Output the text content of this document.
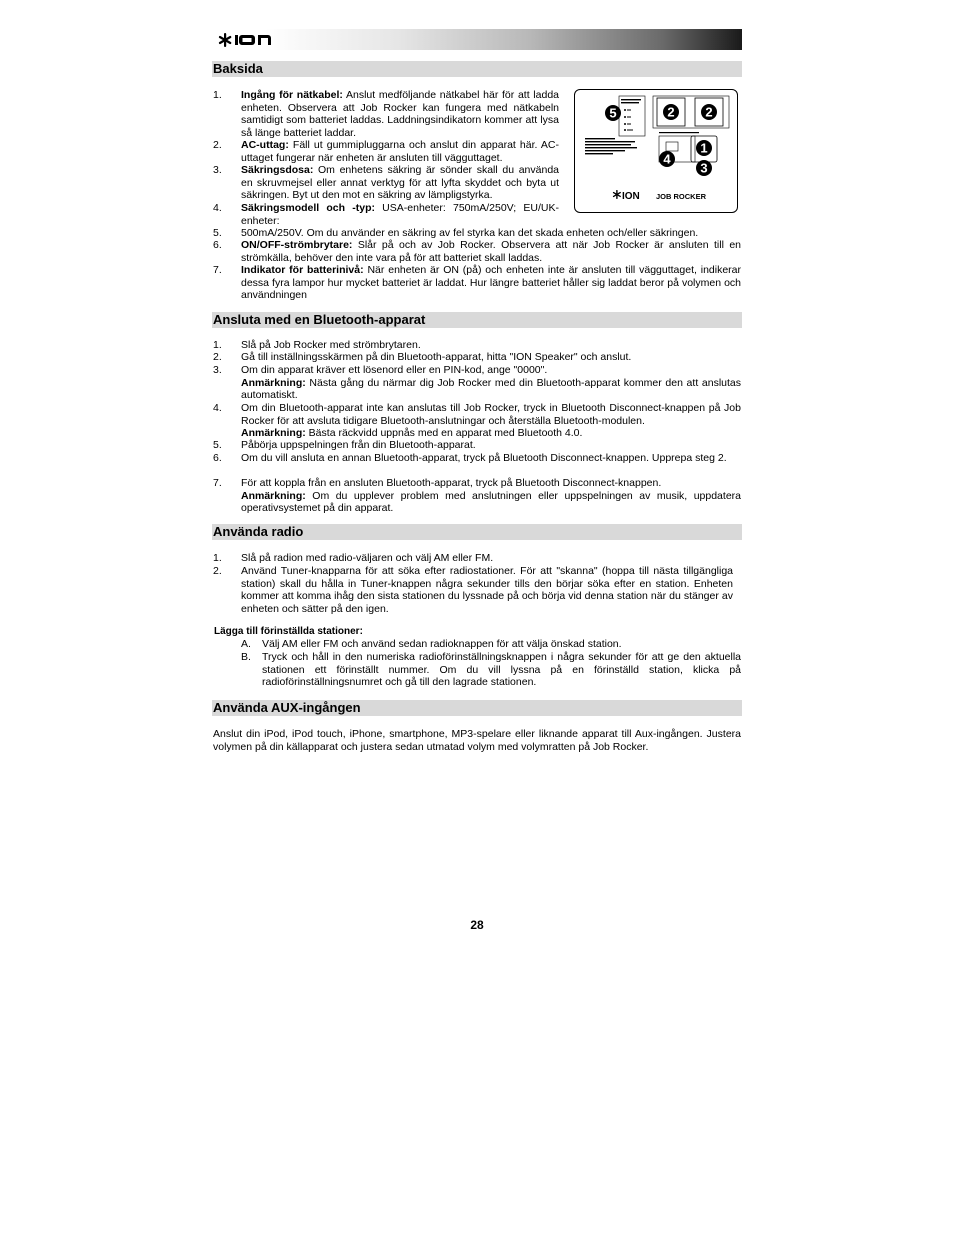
Baksida
1. Ingång för nätkabel: Anslut medföljande nätkabel här för att ladda enheten. Observera att Job Rocker kan fungera med nätkabeln samtidigt som batteriet laddas. Laddningsindikatorn kommer att lysa så länge batteriet laddar.
2. AC-uttag: Fäll ut gummipluggarna och anslut din apparat här. AC-uttaget fungerar när enheten är ansluten till vägguttaget.
3. Säkringsdosa: Om enhetens säkring är sönder skall du använda en skruvmejsel eller annat verktyg för att lyfta skyddet och byta ut säkringen. Byt ut den mot en säkring av lämpligstyrka.
4. Säkringsmodell och -typ: USA-enheter: 750mA/250V; EU/UK-enheter:
5. 500mA/250V. Om du använder en säkring av fel styrka kan det skada enheten och/eller säkringen.
6. ON/OFF-strömbrytare: Slår på och av Job Rocker. Observera att när Job Rocker är ansluten till en strömkälla, behöver den inte vara på för att batteriet skall laddas.
7. Indikator för batterinivå: När enheten är ON (på) och enheten inte är ansluten till vägguttaget, indikerar dessa fyra lampor hur mycket batteriet är laddat. Hur längre batteriet håller sig laddat beror på volymen och användningen
5	2 2
1
4
3
ION JOB ROCKER
Ansluta med en Bluetooth-apparat
1. Slå på Job Rocker med strömbrytaren.
2. Gå till inställningsskärmen på din Bluetooth-apparat, hitta "ION Speaker" och anslut.
3. Om din apparat kräver ett lösenord eller en PIN-kod, ange "0000".
Anmärkning: Nästa gång du närmar dig Job Rocker med din Bluetooth-apparat kommer den att anslutas automatiskt.
4. Om din Bluetooth-apparat inte kan anslutas till Job Rocker, tryck in Bluetooth Disconnect-knappen på Job Rocker för att avsluta tidigare Bluetooth-anslutningar och återställa Bluetooth-modulen.
Anmärkning: Bästa räckvidd uppnås med en apparat med Bluetooth 4.0.
5. Påbörja uppspelningen från din Bluetooth-apparat.
6. Om du vill ansluta en annan Bluetooth-apparat, tryck på Bluetooth Disconnect-knappen. Upprepa steg 2.
7. För att koppla från en ansluten Bluetooth-apparat, tryck på Bluetooth Disconnect-knappen.
Anmärkning: Om du upplever problem med anslutningen eller uppspelningen av musik, uppdatera operativsystemet på din apparat.
Använda radio
1. Slå på radion med radio-väljaren och välj AM eller FM.
2. Använd Tuner-knapparna för att söka efter radiostationer. För att "skanna" (hoppa till nästa tillgängliga station) skall du hålla in Tuner-knappen några sekunder tills den börjar söka efter en station. Enheten kommer att komma ihåg den sista stationen du lyssnade på och börja vid denna station när du stänger av enheten och sätter på den igen.
Lägga till förinställda stationer:
A. Välj AM eller FM och använd sedan radioknappen för att välja önskad station.
B. Tryck och håll in den numeriska radioförinställningsknappen i några sekunder för att ge den aktuella stationen ett förinställt nummer. Om du vill lyssna på en förinställd station, klicka på radioförinställningsnumret och gå till den lagrade stationen.
Använda AUX-ingången
Anslut din iPod, iPod touch, iPhone, smartphone, MP3-spelare eller liknande apparat till Aux-ingången. Justera volymen på din källapparat och justera sedan utmatad volym med volymratten på Job Rocker.
28
